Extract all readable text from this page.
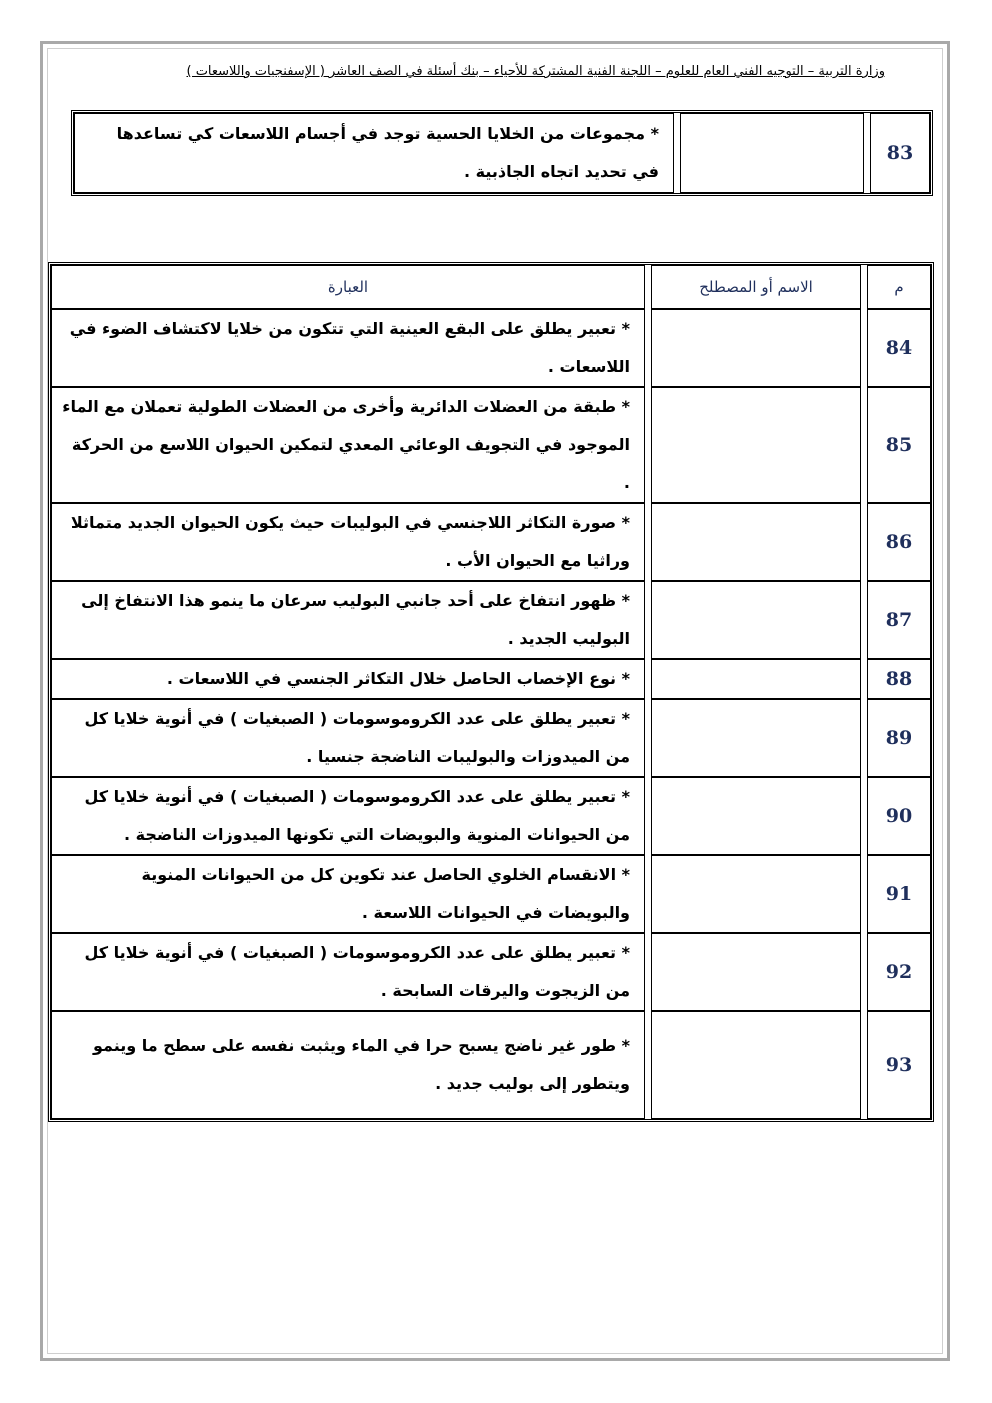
وزارة التربية – التوجيه الفني العام للعلوم – اللجنة الفنية المشتركة للأحياء – بنك أسئلة في الصف العاشر ( الإسفنجيات واللاسعات )
* مجموعات من الخلايا الحسية توجد في أجسام اللاسعات كي تساعدها في تحديد اتجاه الجاذبية .				83
العبارة		الاسم أو المصطلح		م
* تعبير يطلق على البقع العينية التي تتكون من خلايا لاكتشاف الضوء في اللاسعات .				84
* طبقة من العضلات الدائرية وأخرى من العضلات الطولية تعملان مع الماء الموجود في التجويف الوعائي المعدي لتمكين الحيوان اللاسع من الحركة .				85
* صورة التكاثر اللاجنسي في البوليبات حيث يكون الحيوان الجديد متماثلا وراثيا مع الحيوان الأب .				86
* ظهور انتفاخ على أحد جانبي البوليب سرعان ما ينمو هذا الانتفاخ إلى البوليب الجديد .				87
* نوع الإخصاب الحاصل خلال التكاثر الجنسي في اللاسعات .				88
* تعبير يطلق على عدد الكروموسومات ( الصبغيات ) في أنوية خلايا كل من الميدوزات والبوليبات الناضجة جنسيا .				89
* تعبير يطلق على عدد الكروموسومات ( الصبغيات ) في أنوية خلايا كل من الحيوانات المنوية والبويضات التي تكونها الميدوزات الناضجة .				90
* الانقسام الخلوي الحاصل عند تكوين كل من الحيوانات المنوية والبويضات في الحيوانات اللاسعة .				91
* تعبير يطلق على عدد الكروموسومات ( الصبغيات ) في أنوية خلايا كل من الزيجوت واليرقات السابحة .				92
* طور غير ناضج يسبح حرا في الماء ويثبت نفسه على سطح ما وينمو ويتطور إلى بوليب جديد .				93
